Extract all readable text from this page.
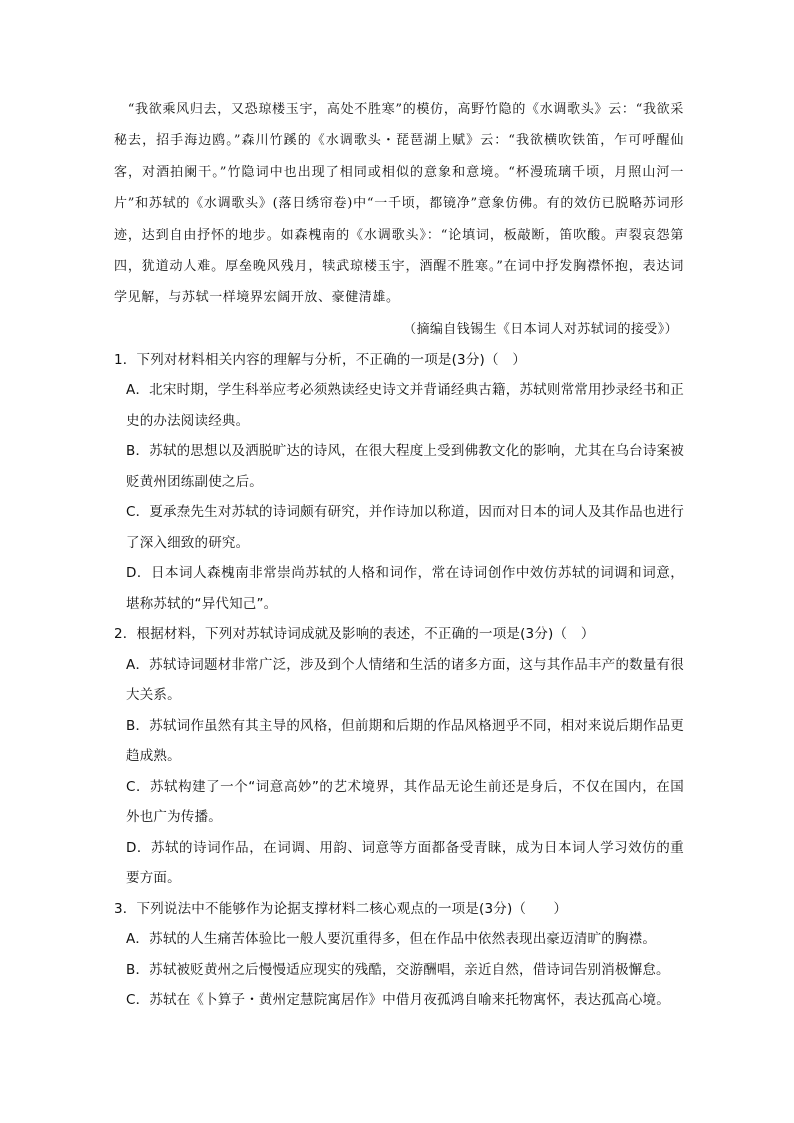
　“我欲乘风归去，又恐琼楼玉宇，高处不胜寒”的模仿，高野竹隐的《水调歌头》云：“我欲采秘去，招手海边鸥。”森川竹蹊的《水调歌头・琵琶湖上赋》云：“我欲横吹铁笛，乍可呼醒仙客，对酒拍阑干。”竹隐词中也出现了相同或相似的意象和意境。“杯漫琉璃千顷，月照山河一片”和苏轼的《水调歌头》(落日绣帘卷)中“一千顷，都镜净”意象仿佛。有的效仿已脱略苏词形迹，达到自由抒怀的地步。如森槐南的《水调歌头》：“论填词，板敲断，笛吹酸。声裂哀怨第四，犹道动人难。厚垒晚风残月，犊武琼楼玉宇，酒醒不胜寒。”在词中抒发胸襟怀抱，表达词学见解，与苏轼一样境界宏阔开放、豪健清雄。

（摘编自钱锡生《日本词人对苏轼词的接受》）

1．下列对材料相关内容的理解与分析，不正确的一项是(3分)（　）

A．北宋时期，学生科举应考必须熟读经史诗文并背诵经典古籍，苏轼则常常用抄录经书和正史的办法阅读经典。

B．苏轼的思想以及洒脱旷达的诗风，在很大程度上受到佛教文化的影响，尤其在乌台诗案被贬黄州团练副使之后。

C．夏承焘先生对苏轼的诗词颇有研究，并作诗加以称道，因而对日本的词人及其作品也进行了深入细致的研究。

D．日本词人森槐南非常崇尚苏轼的人格和词作，常在诗词创作中效仿苏轼的词调和词意，堪称苏轼的“异代知己”。

2．根据材料，下列对苏轼诗词成就及影响的表述，不正确的一项是(3分)（　）

A．苏轼诗词题材非常广泛，涉及到个人情绪和生活的诸多方面，这与其作品丰产的数量有很大关系。

B．苏轼词作虽然有其主导的风格，但前期和后期的作品风格迥乎不同，相对来说后期作品更趋成熟。

C．苏轼构建了一个“词意高妙”的艺术境界，其作品无论生前还是身后，不仅在国内，在国外也广为传播。

D．苏轼的诗词作品，在词调、用韵、词意等方面都备受青睐，成为日本词人学习效仿的重要方面。

3．下列说法中不能够作为论据支撑材料二核心观点的一项是(3分)（　　）

A．苏轼的人生痛苦体验比一般人要沉重得多，但在作品中依然表现出豪迈清旷的胸襟。

B．苏轼被贬黄州之后慢慢适应现实的残酷，交游酬唱，亲近自然，借诗词告别消极懈怠。

C．苏轼在《卜算子・黄州定慧院寓居作》中借月夜孤鸿自喻来托物寓怀，表达孤高心境。
